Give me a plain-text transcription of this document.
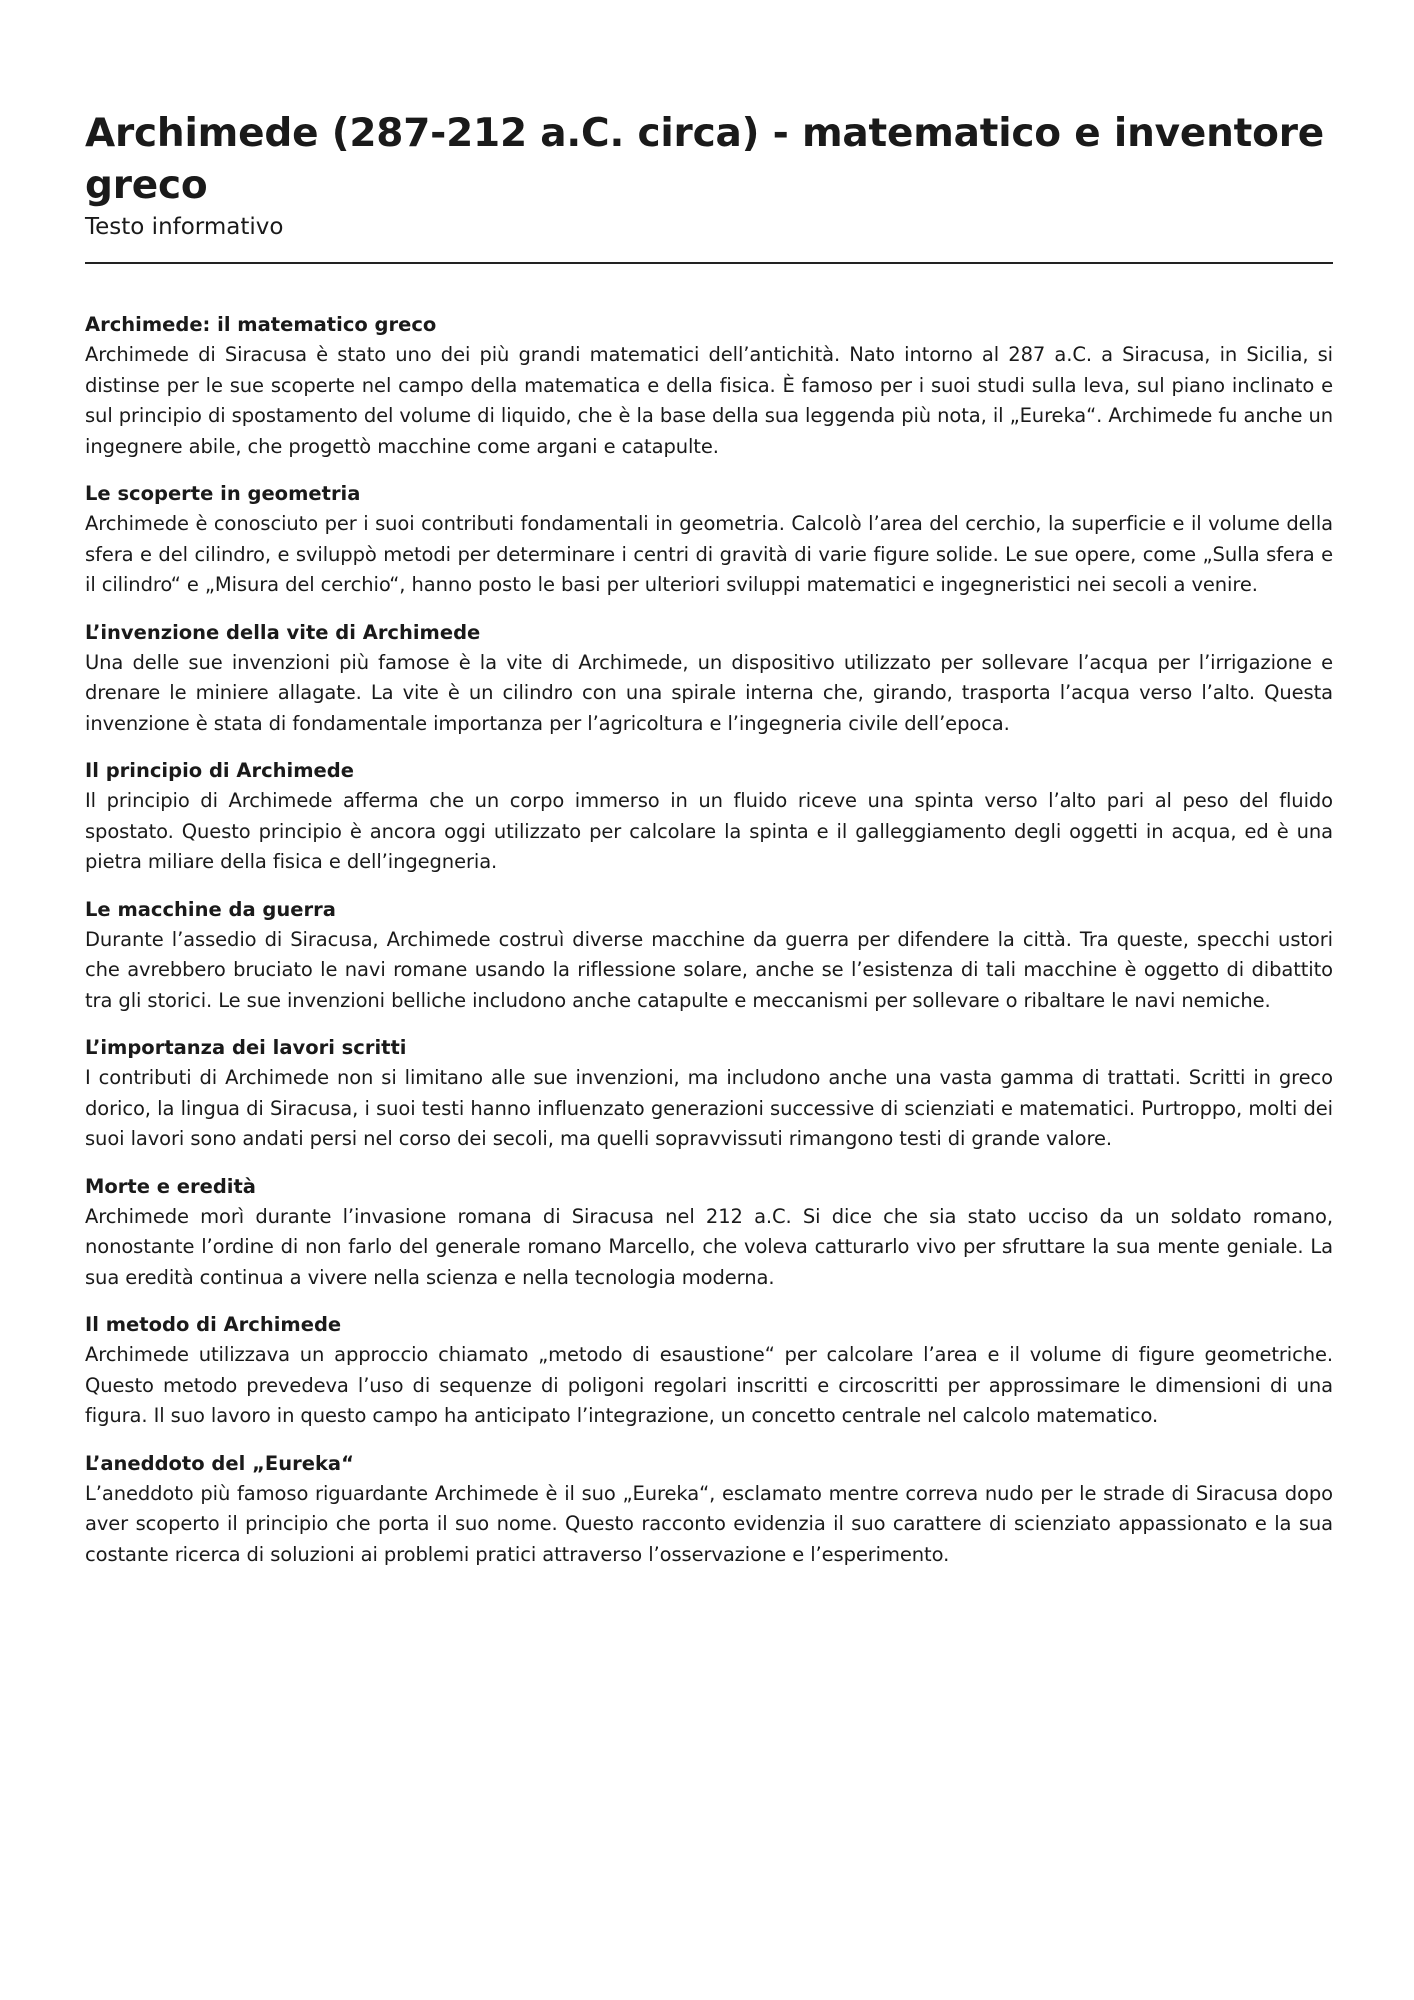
Archimede (287-212 a.C. circa) - matematico e inventore greco

Testo informativo

Archimede: il matematico greco

Archimede di Siracusa è stato uno dei più grandi matematici dell’antichità. Nato intorno al 287 a.C. a Siracusa, in Sicilia, si distinse per le sue scoperte nel campo della matematica e della fisica. È famoso per i suoi studi sulla leva, sul piano inclinato e sul principio di spostamento del volume di liquido, che è la base della sua leggenda più nota, il „Eureka“. Archimede fu anche un ingegnere abile, che progettò macchine come argani e catapulte.

Le scoperte in geometria

Archimede è conosciuto per i suoi contributi fondamentali in geometria. Calcolò l’area del cerchio, la superficie e il volume della sfera e del cilindro, e sviluppò metodi per determinare i centri di gravità di varie figure solide. Le sue opere, come „Sulla sfera e il cilindro“ e „Misura del cerchio“, hanno posto le basi per ulteriori sviluppi matematici e ingegneristici nei secoli a venire.

L’invenzione della vite di Archimede

Una delle sue invenzioni più famose è la vite di Archimede, un dispositivo utilizzato per sollevare l’acqua per l’irrigazione e drenare le miniere allagate. La vite è un cilindro con una spirale interna che, girando, trasporta l’acqua verso l’alto. Questa invenzione è stata di fondamentale importanza per l’agricoltura e l’ingegneria civile dell’epoca.

Il principio di Archimede

Il principio di Archimede afferma che un corpo immerso in un fluido riceve una spinta verso l’alto pari al peso del fluido spostato. Questo principio è ancora oggi utilizzato per calcolare la spinta e il galleggiamento degli oggetti in acqua, ed è una pietra miliare della fisica e dell’ingegneria.

Le macchine da guerra

Durante l’assedio di Siracusa, Archimede costruì diverse macchine da guerra per difendere la città. Tra queste, specchi ustori che avrebbero bruciato le navi romane usando la riflessione solare, anche se l’esistenza di tali macchine è oggetto di dibattito tra gli storici. Le sue invenzioni belliche includono anche catapulte e meccanismi per sollevare o ribaltare le navi nemiche.

L’importanza dei lavori scritti

I contributi di Archimede non si limitano alle sue invenzioni, ma includono anche una vasta gamma di trattati. Scritti in greco dorico, la lingua di Siracusa, i suoi testi hanno influenzato generazioni successive di scienziati e matematici. Purtroppo, molti dei suoi lavori sono andati persi nel corso dei secoli, ma quelli sopravvissuti rimangono testi di grande valore.

Morte e eredità

Archimede morì durante l’invasione romana di Siracusa nel 212 a.C. Si dice che sia stato ucciso da un soldato romano, nonostante l’ordine di non farlo del generale romano Marcello, che voleva catturarlo vivo per sfruttare la sua mente geniale. La sua eredità continua a vivere nella scienza e nella tecnologia moderna.

Il metodo di Archimede

Archimede utilizzava un approccio chiamato „metodo di esaustione“ per calcolare l’area e il volume di figure geometriche. Questo metodo prevedeva l’uso di sequenze di poligoni regolari inscritti e circoscritti per approssimare le dimensioni di una figura. Il suo lavoro in questo campo ha anticipato l’integrazione, un concetto centrale nel calcolo matematico.

L’aneddoto del „Eureka“

L’aneddoto più famoso riguardante Archimede è il suo „Eureka“, esclamato mentre correva nudo per le strade di Siracusa dopo aver scoperto il principio che porta il suo nome. Questo racconto evidenzia il suo carattere di scienziato appassionato e la sua costante ricerca di soluzioni ai problemi pratici attraverso l’osservazione e l’esperimento.
